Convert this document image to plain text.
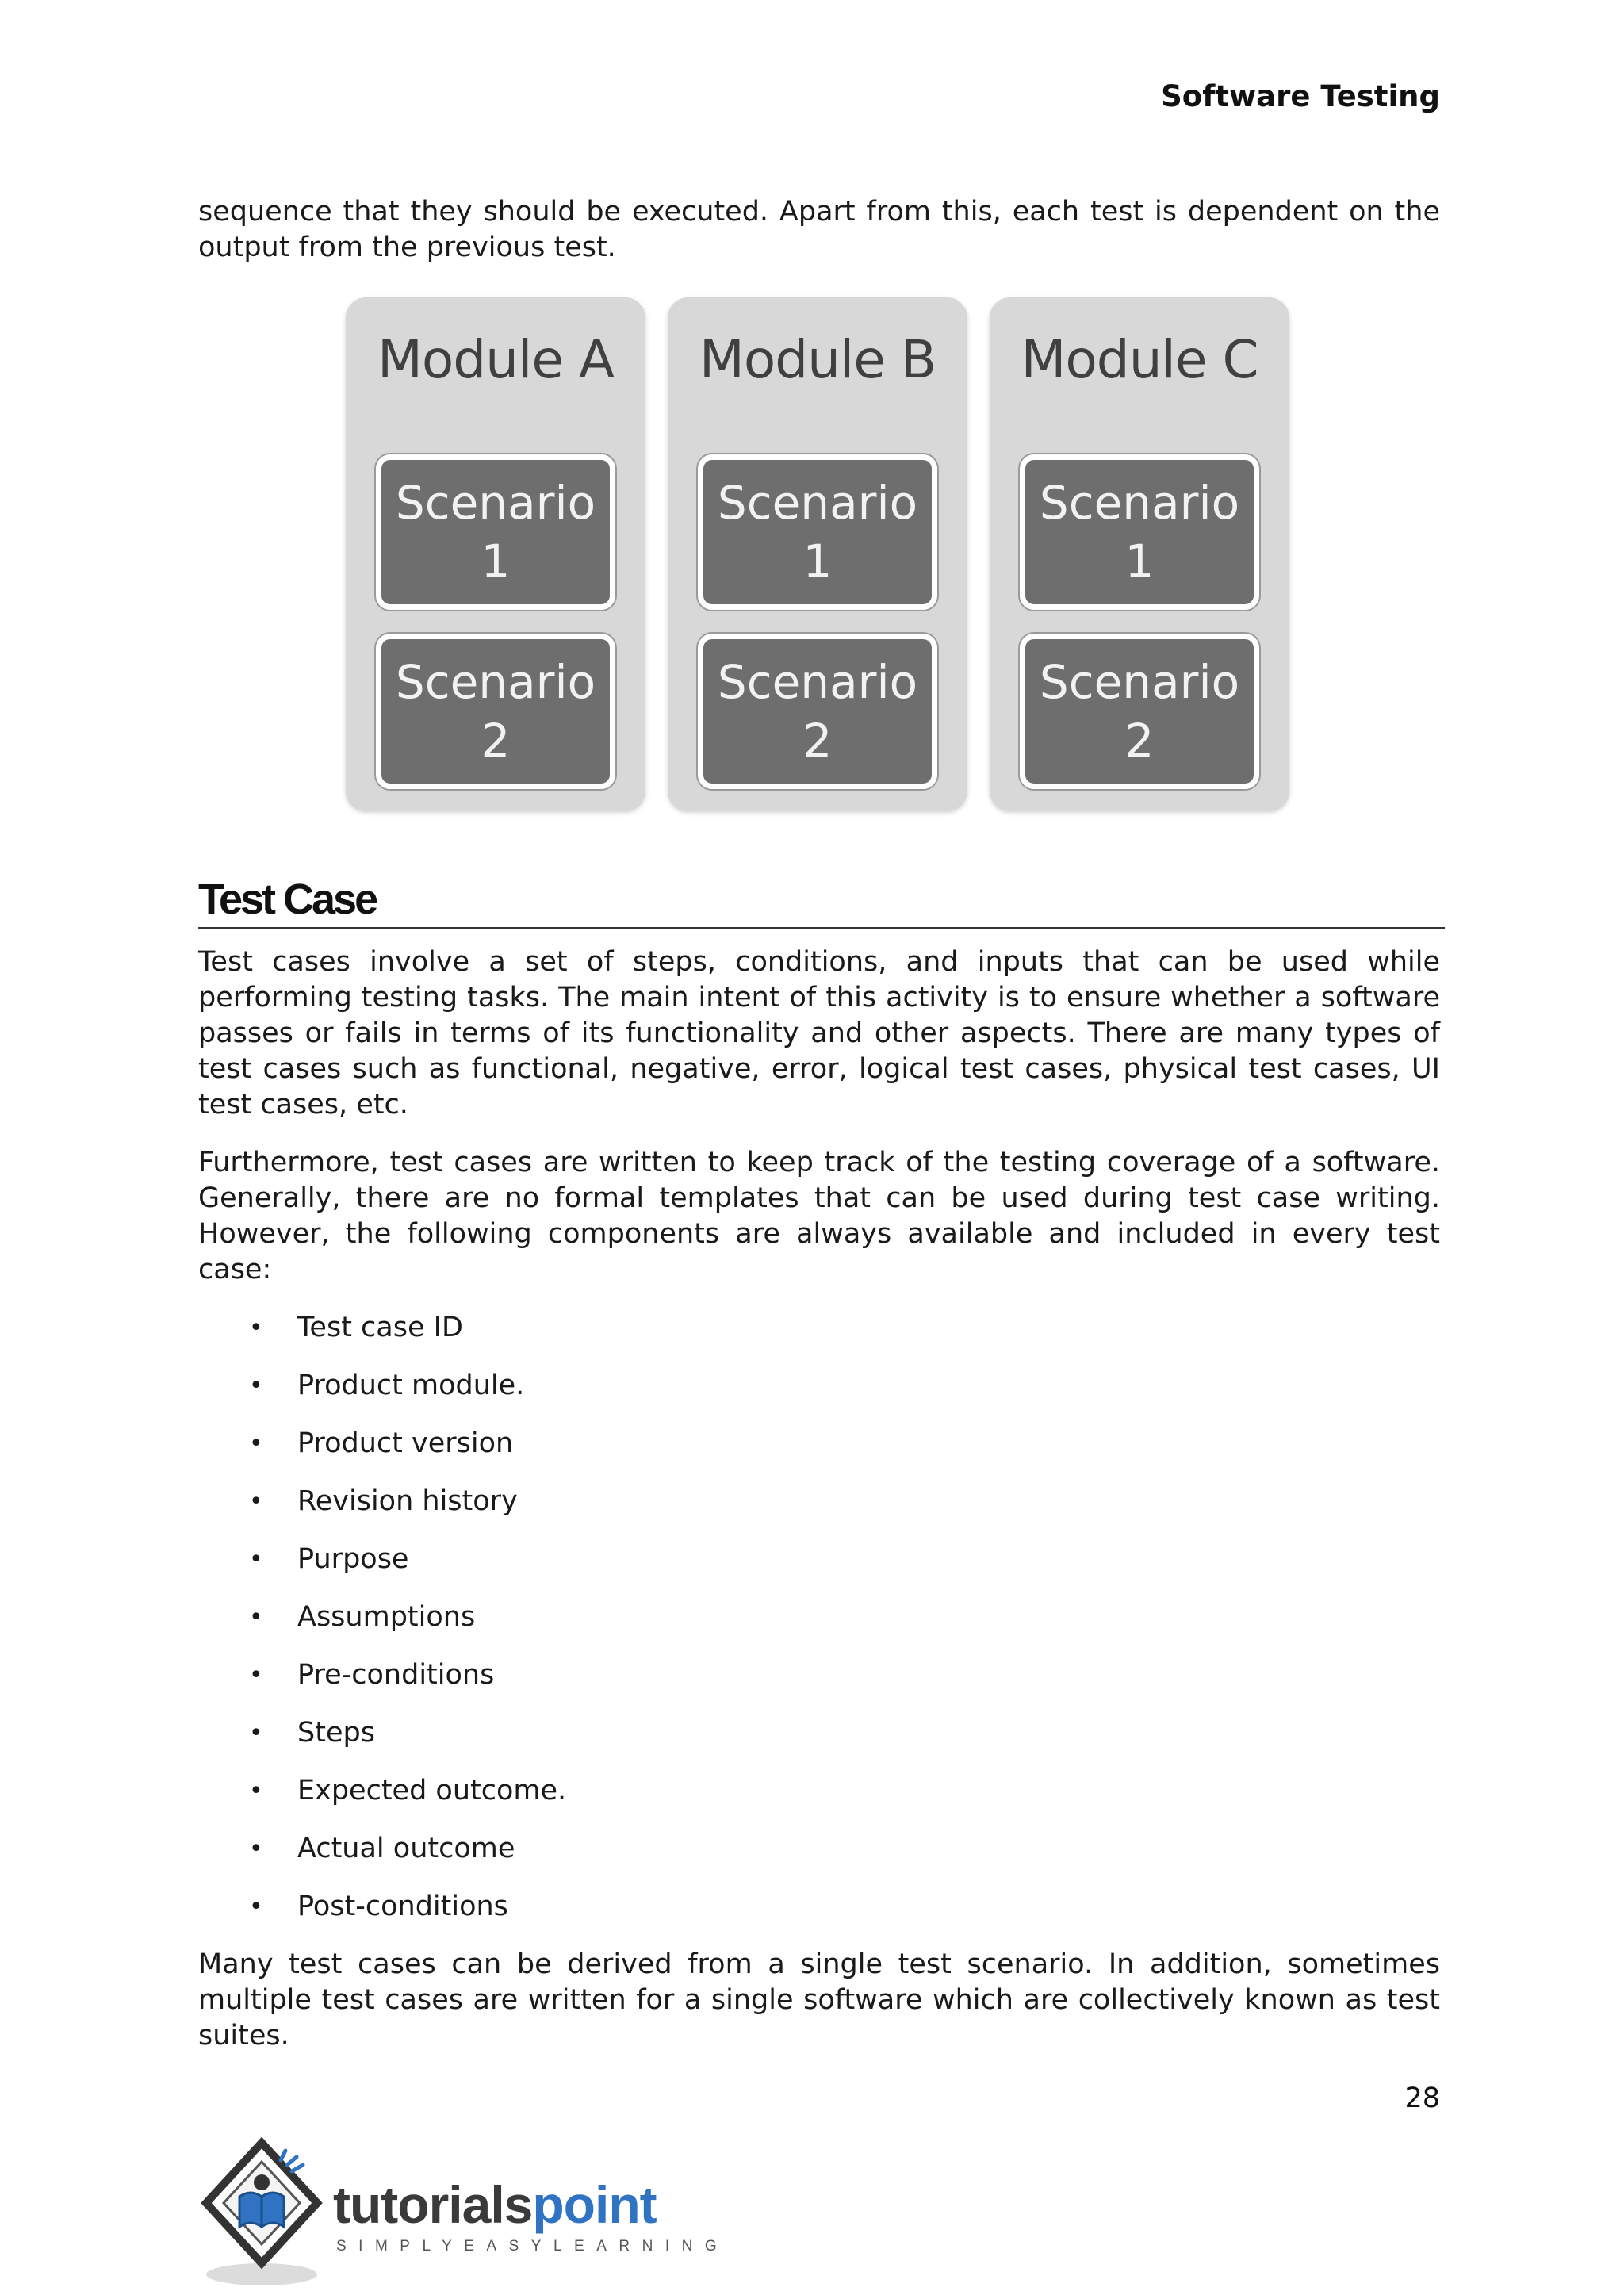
Software Testing

sequence that they should be executed. Apart from this, each test is dependent on the output from the previous test.

Module A
Scenario
1
Scenario
2
Module B
Scenario
1
Scenario
2
Module C
Scenario
1
Scenario
2
Test Case

Test cases involve a set of steps, conditions, and inputs that can be used while performing testing tasks. The main intent of this activity is to ensure whether a software passes or fails in terms of its functionality and other aspects. There are many types of test cases such as functional, negative, error, logical test cases, physical test cases, UI test cases, etc.

Furthermore, test cases are written to keep track of the testing coverage of a software. Generally, there are no formal templates that can be used during test case writing. However, the following components are always available and included in every test case:

• Test case ID
• Product module.
• Product version
• Revision history
• Purpose
• Assumptions
• Pre-conditions
• Steps
• Expected outcome.
• Actual outcome
• Post-conditions

Many test cases can be derived from a single test scenario. In addition, sometimes multiple test cases are written for a single software which are collectively known as test suites.

28
tutorialspoint
SIMPLYEASYLEARNING
